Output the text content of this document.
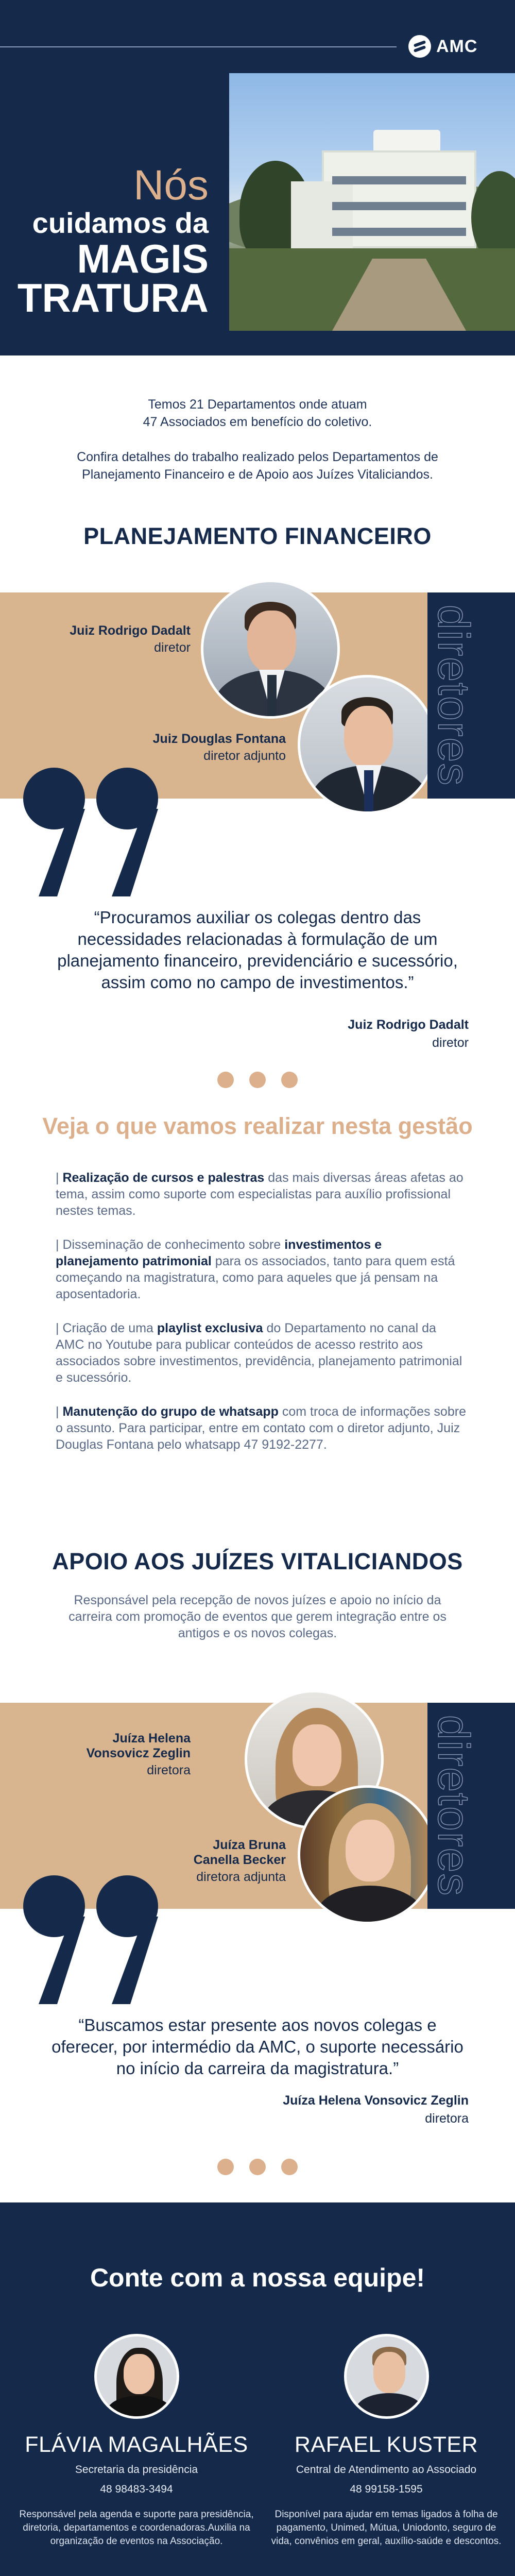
AMC
Nós
cuidamos da
MAGIS
TRATURA

Temos 21 Departamentos onde atuam
47 Associados em benefício do coletivo.

Confira detalhes do trabalho realizado pelos Departamentos de
Planejamento Financeiro e de Apoio aos Juízes Vitaliciandos.

PLANEJAMENTO FINANCEIRO
Juiz Rodrigo Dadalt
diretor
Juiz Douglas Fontana
diretor adjunto	diretores

“Procuramos auxiliar os colegas dentro das necessidades relacionadas à formulação de um planejamento financeiro, previdenciário e sucessório, assim como no campo de investimentos.”

Juiz Rodrigo Dadalt
diretor
Veja o que vamos realizar nesta gestão

| Realização de cursos e palestras das mais diversas áreas afetas ao tema, assim como suporte com especialistas para auxílio profissional nestes temas.

| Disseminação de conhecimento sobre investimentos e planejamento patrimonial para os associados, tanto para quem está começando na magistratura, como para aqueles que já pensam na aposentadoria.

| Criação de uma playlist exclusiva do Departamento no canal da AMC no Youtube para publicar conteúdos de acesso restrito aos associados sobre investimentos, previdência, planejamento patrimonial e sucessório.

| Manutenção do grupo de whatsapp com troca de informações sobre o assunto. Para participar, entre em contato com o diretor adjunto, Juiz Douglas Fontana pelo whatsapp 47 9192-2277.

APOIO AOS JUÍZES VITALICIANDOS

Responsável pela recepção de novos juízes e apoio no início da carreira com promoção de eventos que gerem integração entre os antigos e os novos colegas.

Juíza Helena
Vonsovicz Zeglin
diretora
Juíza Bruna
Canella Becker
diretora adjunta	diretores

“Buscamos estar presente aos novos colegas e oferecer, por intermédio da AMC, o suporte necessário no início da carreira da magistratura.”

Juíza Helena Vonsovicz Zeglin
diretora
Conte com a nossa equipe!
FLÁVIA MAGALHÃES
Secretaria da presidência
48 98483-3494
Responsável pela agenda e suporte para presidência, diretoria, departamentos e coordenadoras.Auxilia na organização de eventos na Associação.
RAFAEL KUSTER
Central de Atendimento ao Associado
48 99158-1595
Disponível para ajudar em temas ligados à folha de pagamento, Unimed, Mútua, Uniodonto, seguro de vida, convênios em geral, auxílio-saúde e descontos.
